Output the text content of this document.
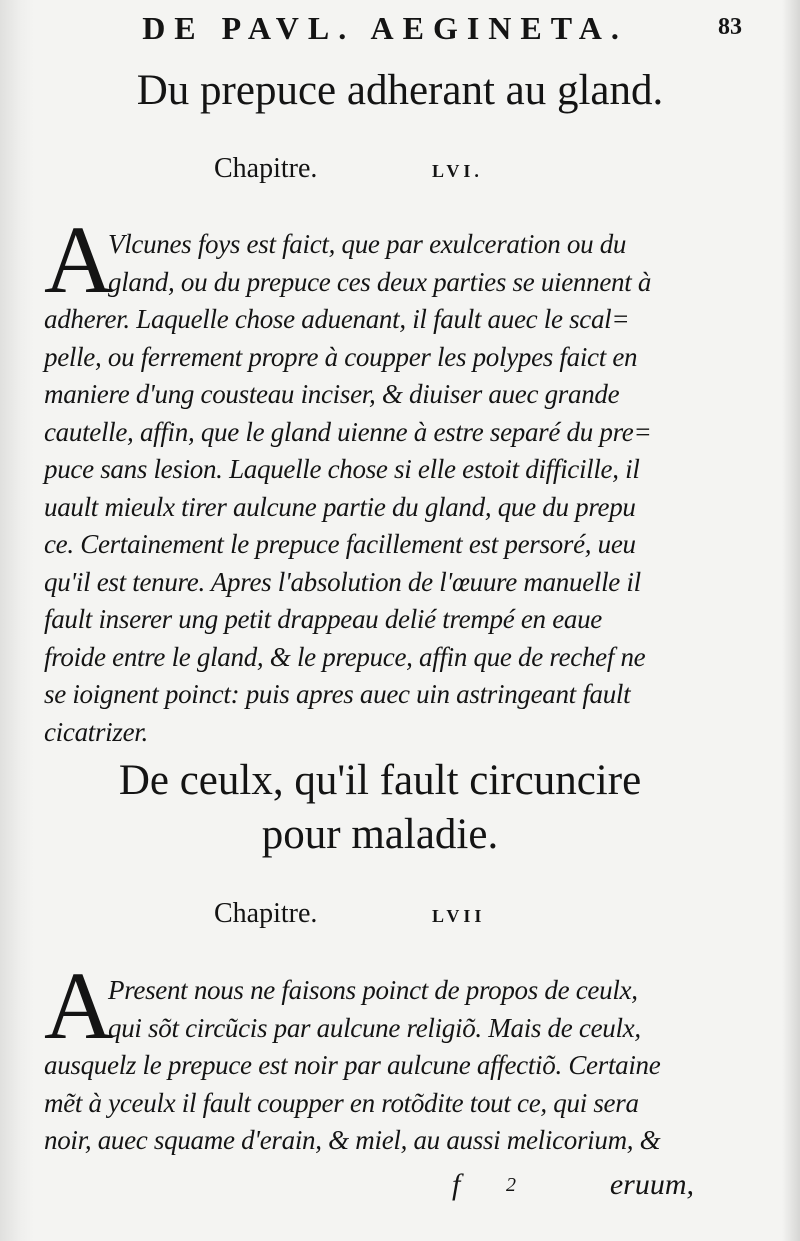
DE PAVL. AEGINETA.	83
Du prepuce adherant au gland.
Chapitre.	LVI.
A
Vlcunes foys est faict, que par exulceration ou du
gland, ou du prepuce ces deux parties se uiennent à
adherer. Laquelle chose aduenant, il fault auec le scal=
pelle, ou ferrement propre à coupper les polypes faict en
maniere d'ung cousteau inciser, & diuiser auec grande
cautelle, affin, que le gland uienne à estre separé du pre=
puce sans lesion. Laquelle chose si elle estoit difficille, il
uault mieulx tirer aulcune partie du gland, que du prepu
ce. Certainement le prepuce facillement est persoré, ueu
qu'il est tenure. Apres l'absolution de l'œuure manuelle il
fault inserer ung petit drappeau delié trempé en eaue
froide entre le gland, & le prepuce, affin que de rechef ne
se ioignent poinct: puis apres auec uin astringeant fault
cicatrizer.
De ceulx, qu'il fault circuncire
pour maladie.
Chapitre.	LVII
A
Present nous ne faisons poinct de propos de ceulx,
qui sõt circũcis par aulcune religiõ. Mais de ceulx,
ausquelz le prepuce est noir par aulcune affectiõ. Certaine
mẽt à yceulx il fault coupper en rotõdite tout ce, qui sera
noir, auec squame d'erain, & miel, au aussi melicorium, &
f 2	eruum,
